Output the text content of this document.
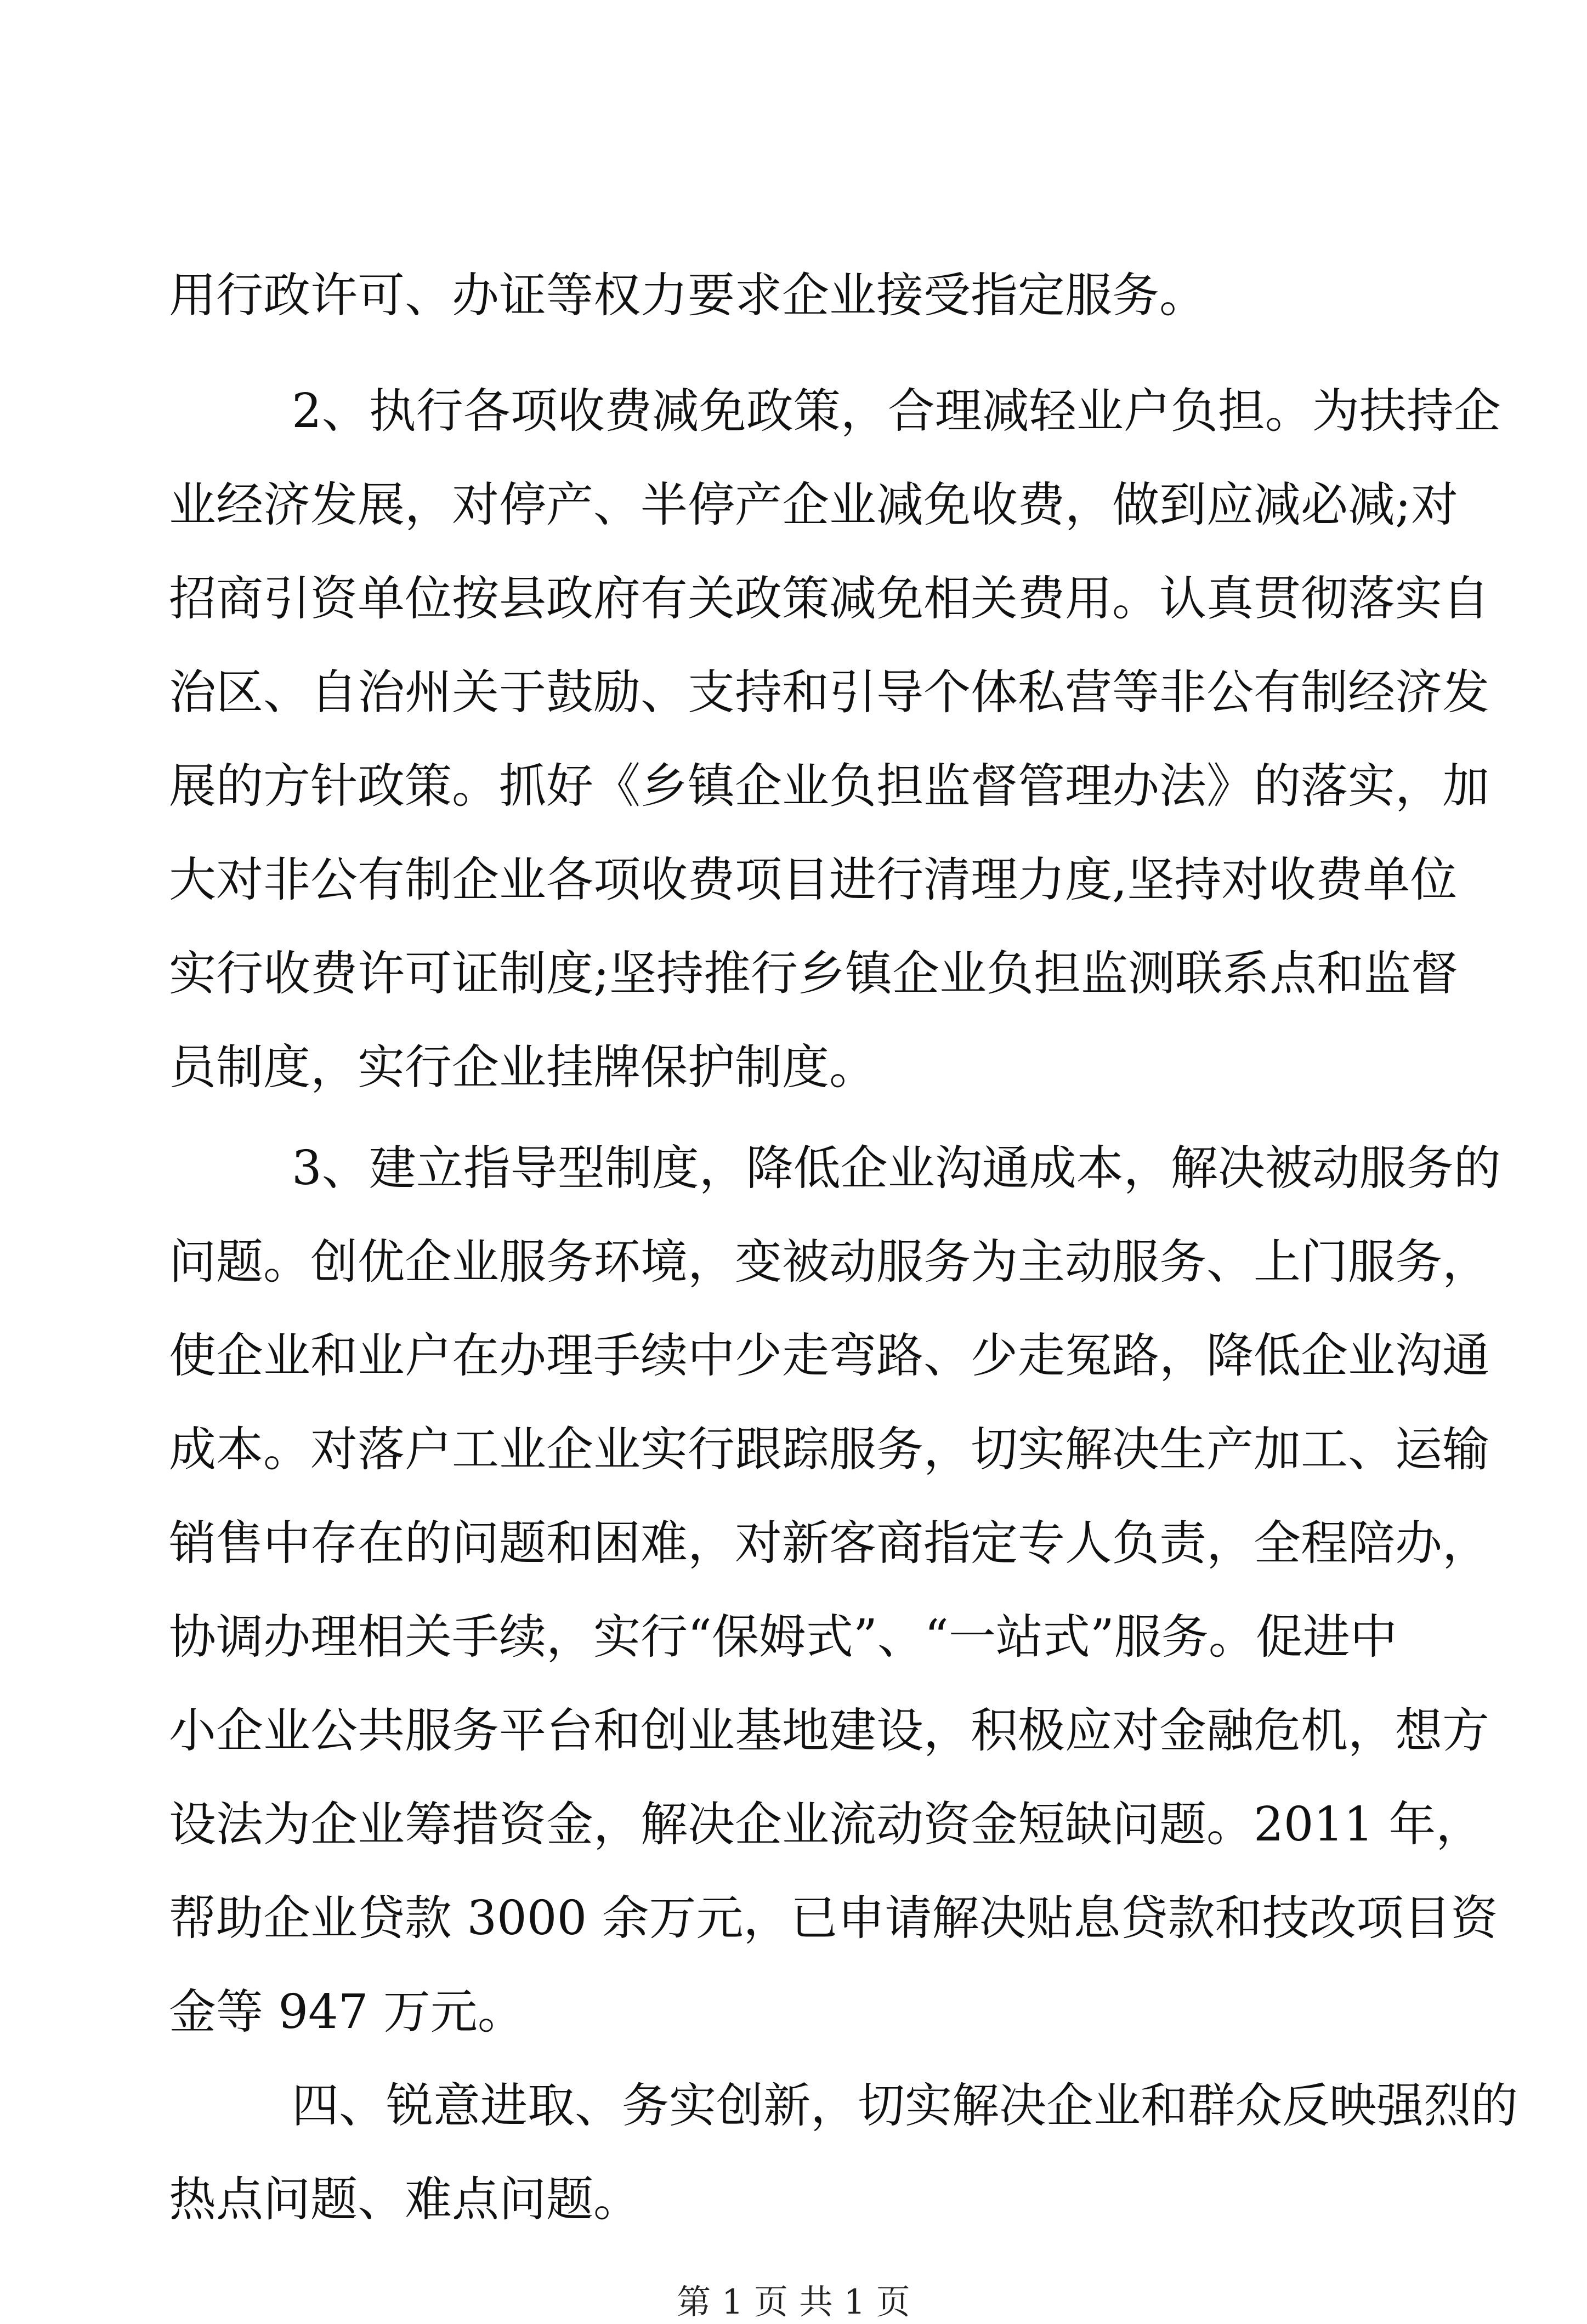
用行政许可、办证等权力要求企业接受指定服务。
2、执行各项收费减免政策，合理减轻业户负担。为扶持企
业经济发展，对停产、半停产企业减免收费，做到应减必减;对
招商引资单位按县政府有关政策减免相关费用。认真贯彻落实自
治区、自治州关于鼓励、支持和引导个体私营等非公有制经济发
展的方针政策。抓好《乡镇企业负担监督管理办法》的落实，加
大对非公有制企业各项收费项目进行清理力度,坚持对收费单位
实行收费许可证制度;坚持推行乡镇企业负担监测联系点和监督
员制度，实行企业挂牌保护制度。
3、建立指导型制度，降低企业沟通成本，解决被动服务的
问题。创优企业服务环境，变被动服务为主动服务、上门服务，
使企业和业户在办理手续中少走弯路、少走冤路，降低企业沟通
成本。对落户工业企业实行跟踪服务，切实解决生产加工、运输
销售中存在的问题和困难，对新客商指定专人负责，全程陪办，
协调办理相关手续，实行“保姆式”、“一站式”服务。促进中
小企业公共服务平台和创业基地建设，积极应对金融危机，想方
设法为企业筹措资金，解决企业流动资金短缺问题。2011 年，
帮助企业贷款 3000 余万元，已申请解决贴息贷款和技改项目资
金等 947 万元。
四、锐意进取、务实创新，切实解决企业和群众反映强烈的
热点问题、难点问题。
第 1 页 共 1 页
